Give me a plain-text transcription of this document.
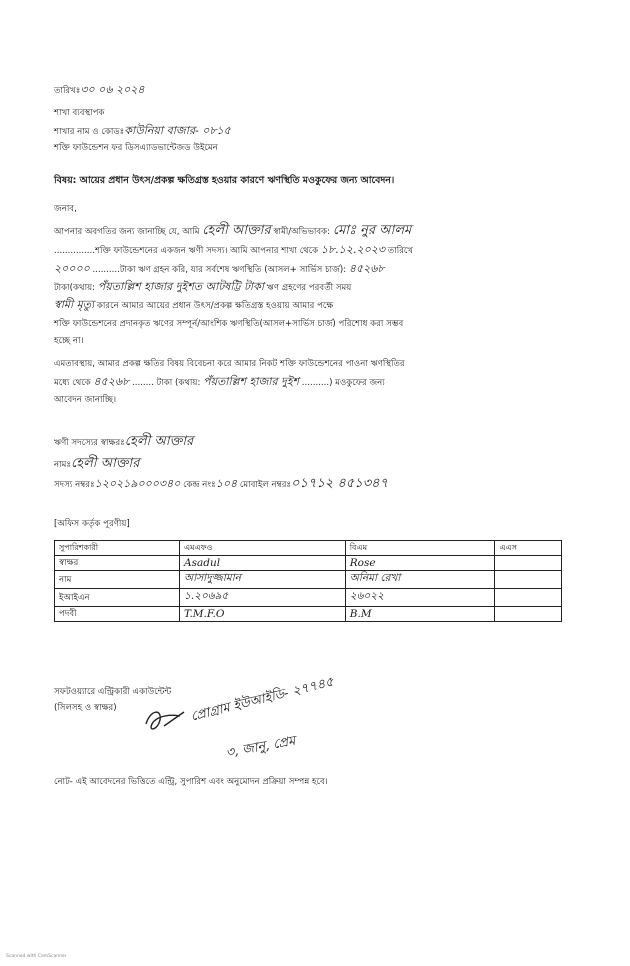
তারিখঃ৩০ ০৬ ২০২৪
শাখা ব্যবস্থাপক
শাখার নাম ও কোডঃকাউনিয়া বাজার- ০৮১৫
শক্তি ফাউন্ডেশন ফর ডিসএ্যাডভান্টেজড উইমেন
বিষয়: আয়ের প্রধান উৎস/প্রকল্প ক্ষতিগ্রস্ত হওয়ার কারণে ঋণস্থিতি মওকুফের জন্য আবেদন।
জনাব,
আপনার অবগতির জন্য জানাচ্ছি যে, আমি হেলী আক্তার স্বামী/অভিভাবক: মোঃ নুর আলম
...............শক্তি ফাউন্ডেশনের একজন ঋণী সদস্য। আমি আপনার শাখা থেকে ১৮.১২.২০২৩ তারিখে
২০০০০ ..........টাকা ঋণ গ্রহন করি, যার সর্বশেষ ঋণস্থিতি (আসল+ সার্ভিস চার্জ): ৪৫২৬৮
টাকা(কথায়: পঁয়তাল্লিশ হাজার দুইশত আটষট্টি টাকা ঋণ গ্রহণের পরবর্তী সময়
স্বামী মৃত্যু কারনে আমার আয়ের প্রধান উৎস/প্রকল্প ক্ষতিগ্রস্ত হওয়ায় আমার পক্ষে
শক্তি ফাউন্ডেশনের প্রদানকৃত ঋণের সম্পূর্ন/আংশিক ঋণস্থিতি(আসল+সার্ভিস চার্জ) পরিশোধ করা সম্ভব
হচ্ছে না।
এমতাবস্থায়, আমার প্রকল্প ক্ষতির বিষয় বিবেচনা করে আমার নিকট শক্তি ফাউন্ডেশনের পাওনা ঋণস্থিতির
মধ্যে থেকে ৪৫২৬৮ ........ টাকা (কথায়: পঁয়তাল্লিশ হাজার দুইশ ..........) মওকুফের জন্য
আবেদন জানাচ্ছি।
ঋণী সদস্যের স্বাক্ষরঃহেলী আক্তার
নামঃহেলী আক্তার
সদস্য নম্বরঃ১২০২১৯০০০৩৪০ কেন্দ্র নংঃ১০৪ মোবাইল নম্বরঃ০১৭১২ ৪৫১৩৪৭
[অফিস কর্তৃক পূরণীয়]
সুপারিশকারী	এমএফও	বিএম	এএস
স্বাক্ষর	Asadul	Rose	
নাম	আসাদুজ্জামান	অনিমা রেখা	
ইআইএন	১.২০৬৯৫	২৬০২২	
পদবী	T.M.F.O	B.M	
সফটওয়্যারে এন্ট্রিকারী একাউন্টেন্ট
(সিলসহ ও স্বাক্ষর)	প্রোগ্রাম ইউআইডি- ২৭৭৪৫
৩, জানু, প্রেম
নোট- এই আবেদনের ভিত্তিতে এন্ট্রি, সুপারিশ এবং অনুমোদন প্রক্রিয়া সম্পন্ন হবে।
Scanned with CamScanner
